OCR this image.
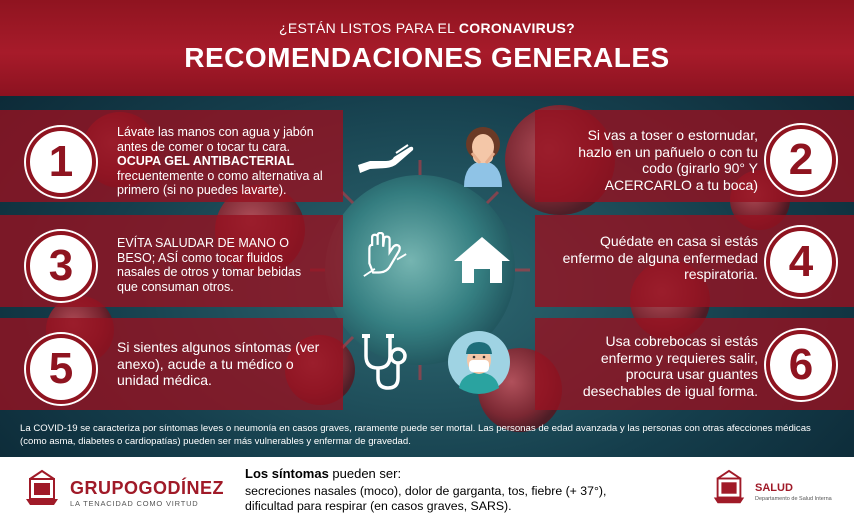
¿ESTÁN LISTOS PARA EL CORONAVIRUS?
RECOMENDACIONES GENERALES
1
3
5
2
4
6
Lávate las manos con agua y jabón antes de comer o tocar tu cara. OCUPA GEL ANTIBACTERIAL frecuentemente o como alternativa al primero (si no puedes lavarte).
EVÍTA SALUDAR DE MANO O BESO; ASÍ como tocar fluidos nasales de otros y tomar bebidas que consuman otros.
Si sientes algunos síntomas (ver anexo), acude a tu médico o unidad médica.
Si vas a toser o estornudar, hazlo en un pañuelo o con tu codo (girarlo 90° Y ACERCARLO a tu boca)
Quédate en casa si estás enfermo de alguna enfermedad respiratoria.
Usa cobrebocas si estás enfermo y requieres salir, procura usar guantes desechables de igual forma.
La COVID-19 se caracteriza por síntomas leves o neumonía en casos graves, raramente puede ser mortal. Las personas de edad avanzada y las personas con otras afecciones médicas (como asma, diabetes o cardiopatías) pueden ser más vulnerables y enfermar de gravedad.
GRUPOGODÍNEZ
LA TENACIDAD COMO VIRTUD
Los síntomas pueden ser:
secreciones nasales (moco), dolor de garganta, tos, fiebre (+ 37°), dificultad para respirar (en casos graves, SARS).
SALUD
Departamento de Salud Interna
